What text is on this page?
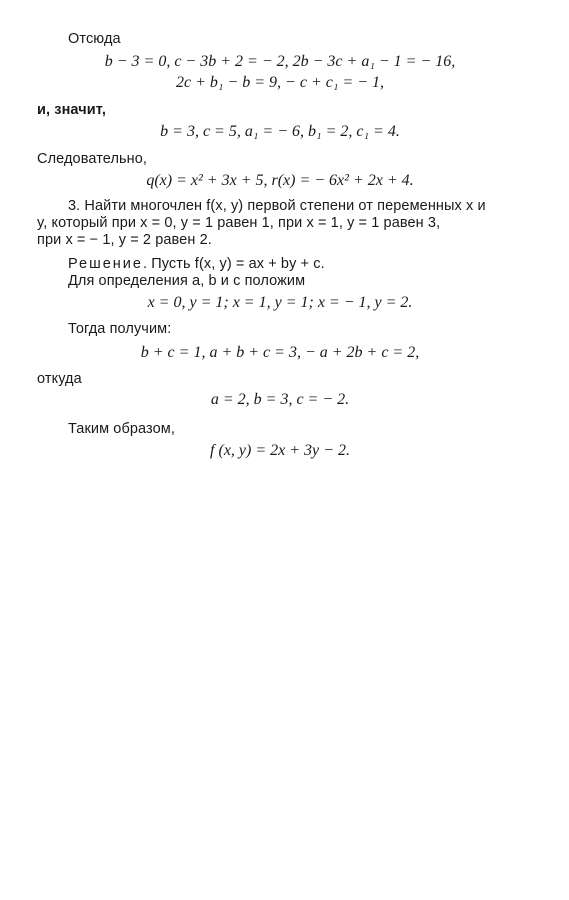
Отсюда
b − 3 = 0, c − 3b + 2 = − 2, 2b − 3c + a₁ − 1 = − 16,
2c + b₁ − b = 9, − c + c₁ = − 1,
и, значит,
b = 3, c = 5, a₁ = − 6, b₁ = 2, c₁ = 4.
Следовательно,
q(x) = x² + 3x + 5, r(x) = − 6x² + 2x + 4.
3. Найти многочлен f(x, y) первой степени от переменных x и
y, который при x = 0, y = 1 равен 1, при x = 1, y = 1 равен 3,
при x = − 1, y = 2 равен 2.
Решение. Пусть f(x, y) = ax + by + c.
Для определения a, b и c положим
x = 0, y = 1; x = 1, y = 1; x = − 1, y = 2.
Тогда получим:
b + c = 1, a + b + c = 3, − a + 2b + c = 2,
откуда
a = 2, b = 3, c = − 2.
Таким образом,
f (x, y) = 2x + 3y − 2.
